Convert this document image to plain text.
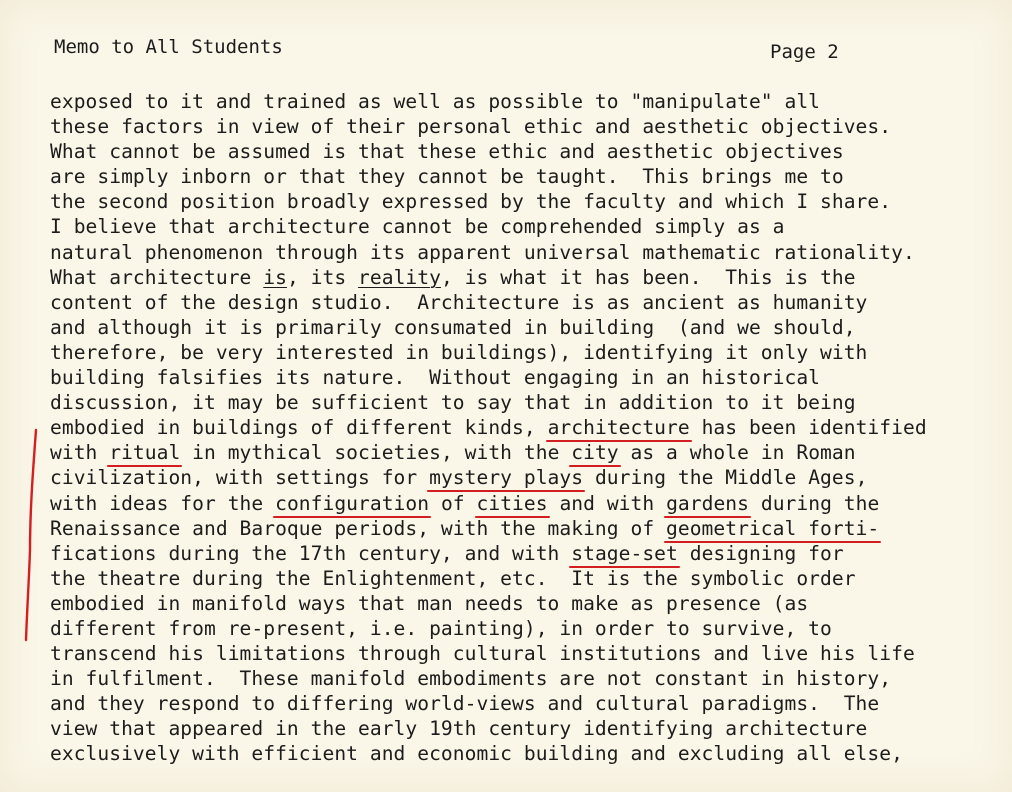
Memo to All Students	Page 2
exposed to it and trained as well as possible to "manipulate" all
these factors in view of their personal ethic and aesthetic objectives.
What cannot be assumed is that these ethic and aesthetic objectives
are simply inborn or that they cannot be taught.  This brings me to
the second position broadly expressed by the faculty and which I share.
I believe that architecture cannot be comprehended simply as a
natural phenomenon through its apparent universal mathematic rationality.
What architecture is, its reality, is what it has been.  This is the
content of the design studio.  Architecture is as ancient as humanity
and although it is primarily consumated in building  (and we should,
therefore, be very interested in buildings), identifying it only with
building falsifies its nature.  Without engaging in an historical
discussion, it may be sufficient to say that in addition to it being
embodied in buildings of different kinds, architecture has been identified
with ritual in mythical societies, with the city as a whole in Roman
civilization, with settings for mystery plays during the Middle Ages,
with ideas for the configuration of cities and with gardens during the
Renaissance and Baroque periods, with the making of geometrical forti-
fications during the 17th century, and with stage-set designing for
the theatre during the Enlightenment, etc.  It is the symbolic order
embodied in manifold ways that man needs to make as presence (as
different from re-present, i.e. painting), in order to survive, to
transcend his limitations through cultural institutions and live his life
in fulfilment.  These manifold embodiments are not constant in history,
and they respond to differing world-views and cultural paradigms.  The
view that appeared in the early 19th century identifying architecture
exclusively with efficient and economic building and excluding all else,
